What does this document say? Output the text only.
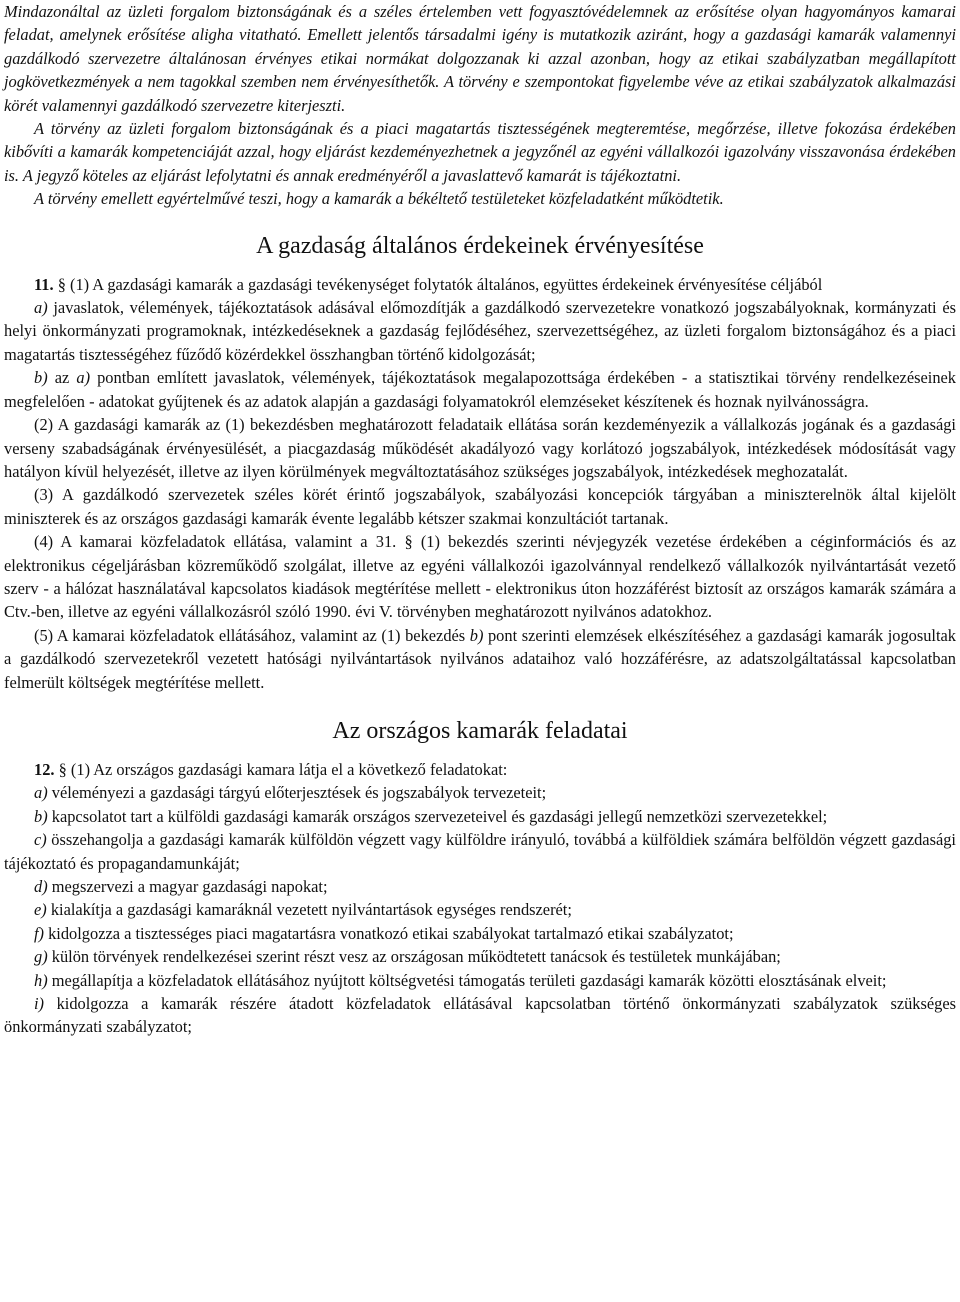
Mindazonáltal az üzleti forgalom biztonságának és a széles értelemben vett fogyasztóvédelemnek az erősítése olyan hagyományos kamarai feladat, amelynek erősítése aligha vitatható. Emellett jelentős társadalmi igény is mutatkozik aziránt, hogy a gazdasági kamarák valamennyi gazdálkodó szervezetre általánosan érvényes etikai normákat dolgozzanak ki azzal azonban, hogy az etikai szabályzatban megállapított jogkövetkezmények a nem tagokkal szemben nem érvényesíthetők. A törvény e szempontokat figyelembe véve az etikai szabályzatok alkalmazási körét valamennyi gazdálkodó szervezetre kiterjeszti.

A törvény az üzleti forgalom biztonságának és a piaci magatartás tisztességének megteremtése, megőrzése, illetve fokozása érdekében kibővíti a kamarák kompetenciáját azzal, hogy eljárást kezdeményezhetnek a jegyzőnél az egyéni vállalkozói igazolvány visszavonása érdekében is. A jegyző köteles az eljárást lefolytatni és annak eredményéről a javaslattevő kamarát is tájékoztatni.

A törvény emellett egyértelművé teszi, hogy a kamarák a békéltető testületeket közfeladatként működtetik.

A gazdaság általános érdekeinek érvényesítése

11. § (1) A gazdasági kamarák a gazdasági tevékenységet folytatók általános, együttes érdekeinek érvényesítése céljából

a) javaslatok, vélemények, tájékoztatások adásával előmozdítják a gazdálkodó szervezetekre vonatkozó jogszabályoknak, kormányzati és helyi önkormányzati programoknak, intézkedéseknek a gazdaság fejlődéséhez, szervezettségéhez, az üzleti forgalom biztonságához és a piaci magatartás tisztességéhez fűződő közérdekkel összhangban történő kidolgozását;

b) az a) pontban említett javaslatok, vélemények, tájékoztatások megalapozottsága érdekében - a statisztikai törvény rendelkezéseinek megfelelően - adatokat gyűjtenek és az adatok alapján a gazdasági folyamatokról elemzéseket készítenek és hoznak nyilvánosságra.

(2) A gazdasági kamarák az (1) bekezdésben meghatározott feladataik ellátása során kezdeményezik a vállalkozás jogának és a gazdasági verseny szabadságának érvényesülését, a piacgazdaság működését akadályozó vagy korlátozó jogszabályok, intézkedések módosítását vagy hatályon kívül helyezését, illetve az ilyen körülmények megváltoztatásához szükséges jogszabályok, intézkedések meghozatalát.

(3) A gazdálkodó szervezetek széles körét érintő jogszabályok, szabályozási koncepciók tárgyában a miniszterelnök által kijelölt miniszterek és az országos gazdasági kamarák évente legalább kétszer szakmai konzultációt tartanak.

(4) A kamarai közfeladatok ellátása, valamint a 31. § (1) bekezdés szerinti névjegyzék vezetése érdekében a céginformációs és az elektronikus cégeljárásban közreműködő szolgálat, illetve az egyéni vállalkozói igazolvánnyal rendelkező vállalkozók nyilvántartását vezető szerv - a hálózat használatával kapcsolatos kiadások megtérítése mellett - elektronikus úton hozzáférést biztosít az országos kamarák számára a Ctv.-ben, illetve az egyéni vállalkozásról szóló 1990. évi V. törvényben meghatározott nyilvános adatokhoz.

(5) A kamarai közfeladatok ellátásához, valamint az (1) bekezdés b) pont szerinti elemzések elkészítéséhez a gazdasági kamarák jogosultak a gazdálkodó szervezetekről vezetett hatósági nyilvántartások nyilvános adataihoz való hozzáférésre, az adatszolgáltatással kapcsolatban felmerült költségek megtérítése mellett.

Az országos kamarák feladatai

12. § (1) Az országos gazdasági kamara látja el a következő feladatokat:

a) véleményezi a gazdasági tárgyú előterjesztések és jogszabályok tervezeteit;

b) kapcsolatot tart a külföldi gazdasági kamarák országos szervezeteivel és gazdasági jellegű nemzetközi szervezetekkel;

c) összehangolja a gazdasági kamarák külföldön végzett vagy külföldre irányuló, továbbá a külföldiek számára belföldön végzett gazdasági tájékoztató és propagandamunkáját;

d) megszervezi a magyar gazdasági napokat;

e) kialakítja a gazdasági kamaráknál vezetett nyilvántartások egységes rendszerét;

f) kidolgozza a tisztességes piaci magatartásra vonatkozó etikai szabályokat tartalmazó etikai szabályzatot;

g) külön törvények rendelkezései szerint részt vesz az országosan működtetett tanácsok és testületek munkájában;

h) megállapítja a közfeladatok ellátásához nyújtott költségvetési támogatás területi gazdasági kamarák közötti elosztásának elveit;

i) kidolgozza a kamarák részére átadott közfeladatok ellátásával kapcsolatban történő önkormányzati szabályzatok szükséges önkormányzati szabályzatot;
